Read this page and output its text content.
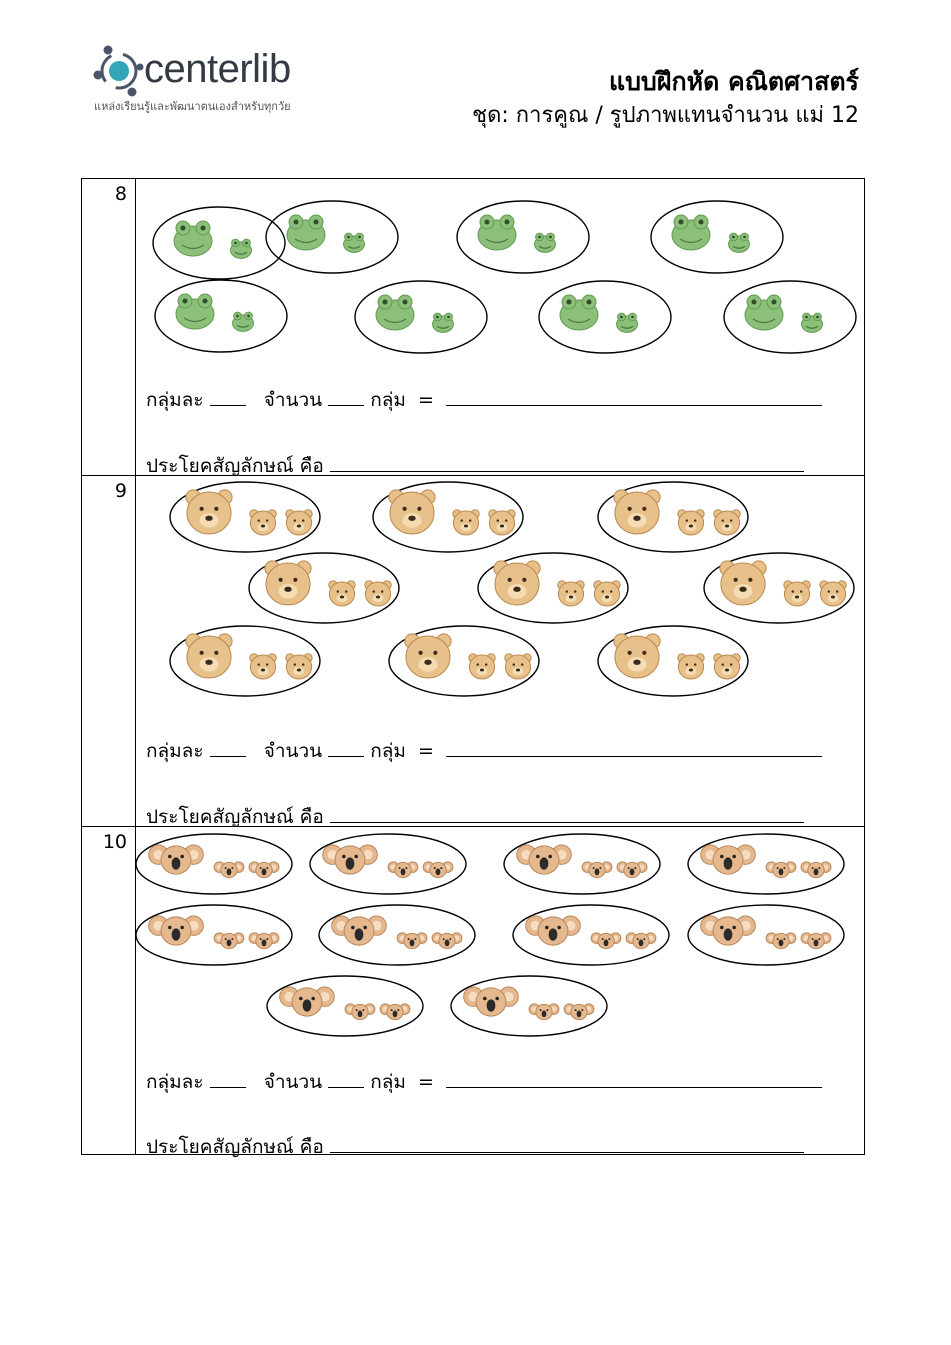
centerlib
แหล่งเรียนรู้และพัฒนาตนเองสำหรับทุกวัย
แบบฝึกหัด คณิตศาสตร์
ชุด: การคูณ / รูปภาพแทนจำนวน แม่ 12
8	กลุ่มละ จำนวน กลุ่ม =
ประโยคสัญลักษณ์ คือ

9	กลุ่มละ จำนวน กลุ่ม =
ประโยคสัญลักษณ์ คือ

10	กลุ่มละ จำนวน กลุ่ม =
ประโยคสัญลักษณ์ คือ
